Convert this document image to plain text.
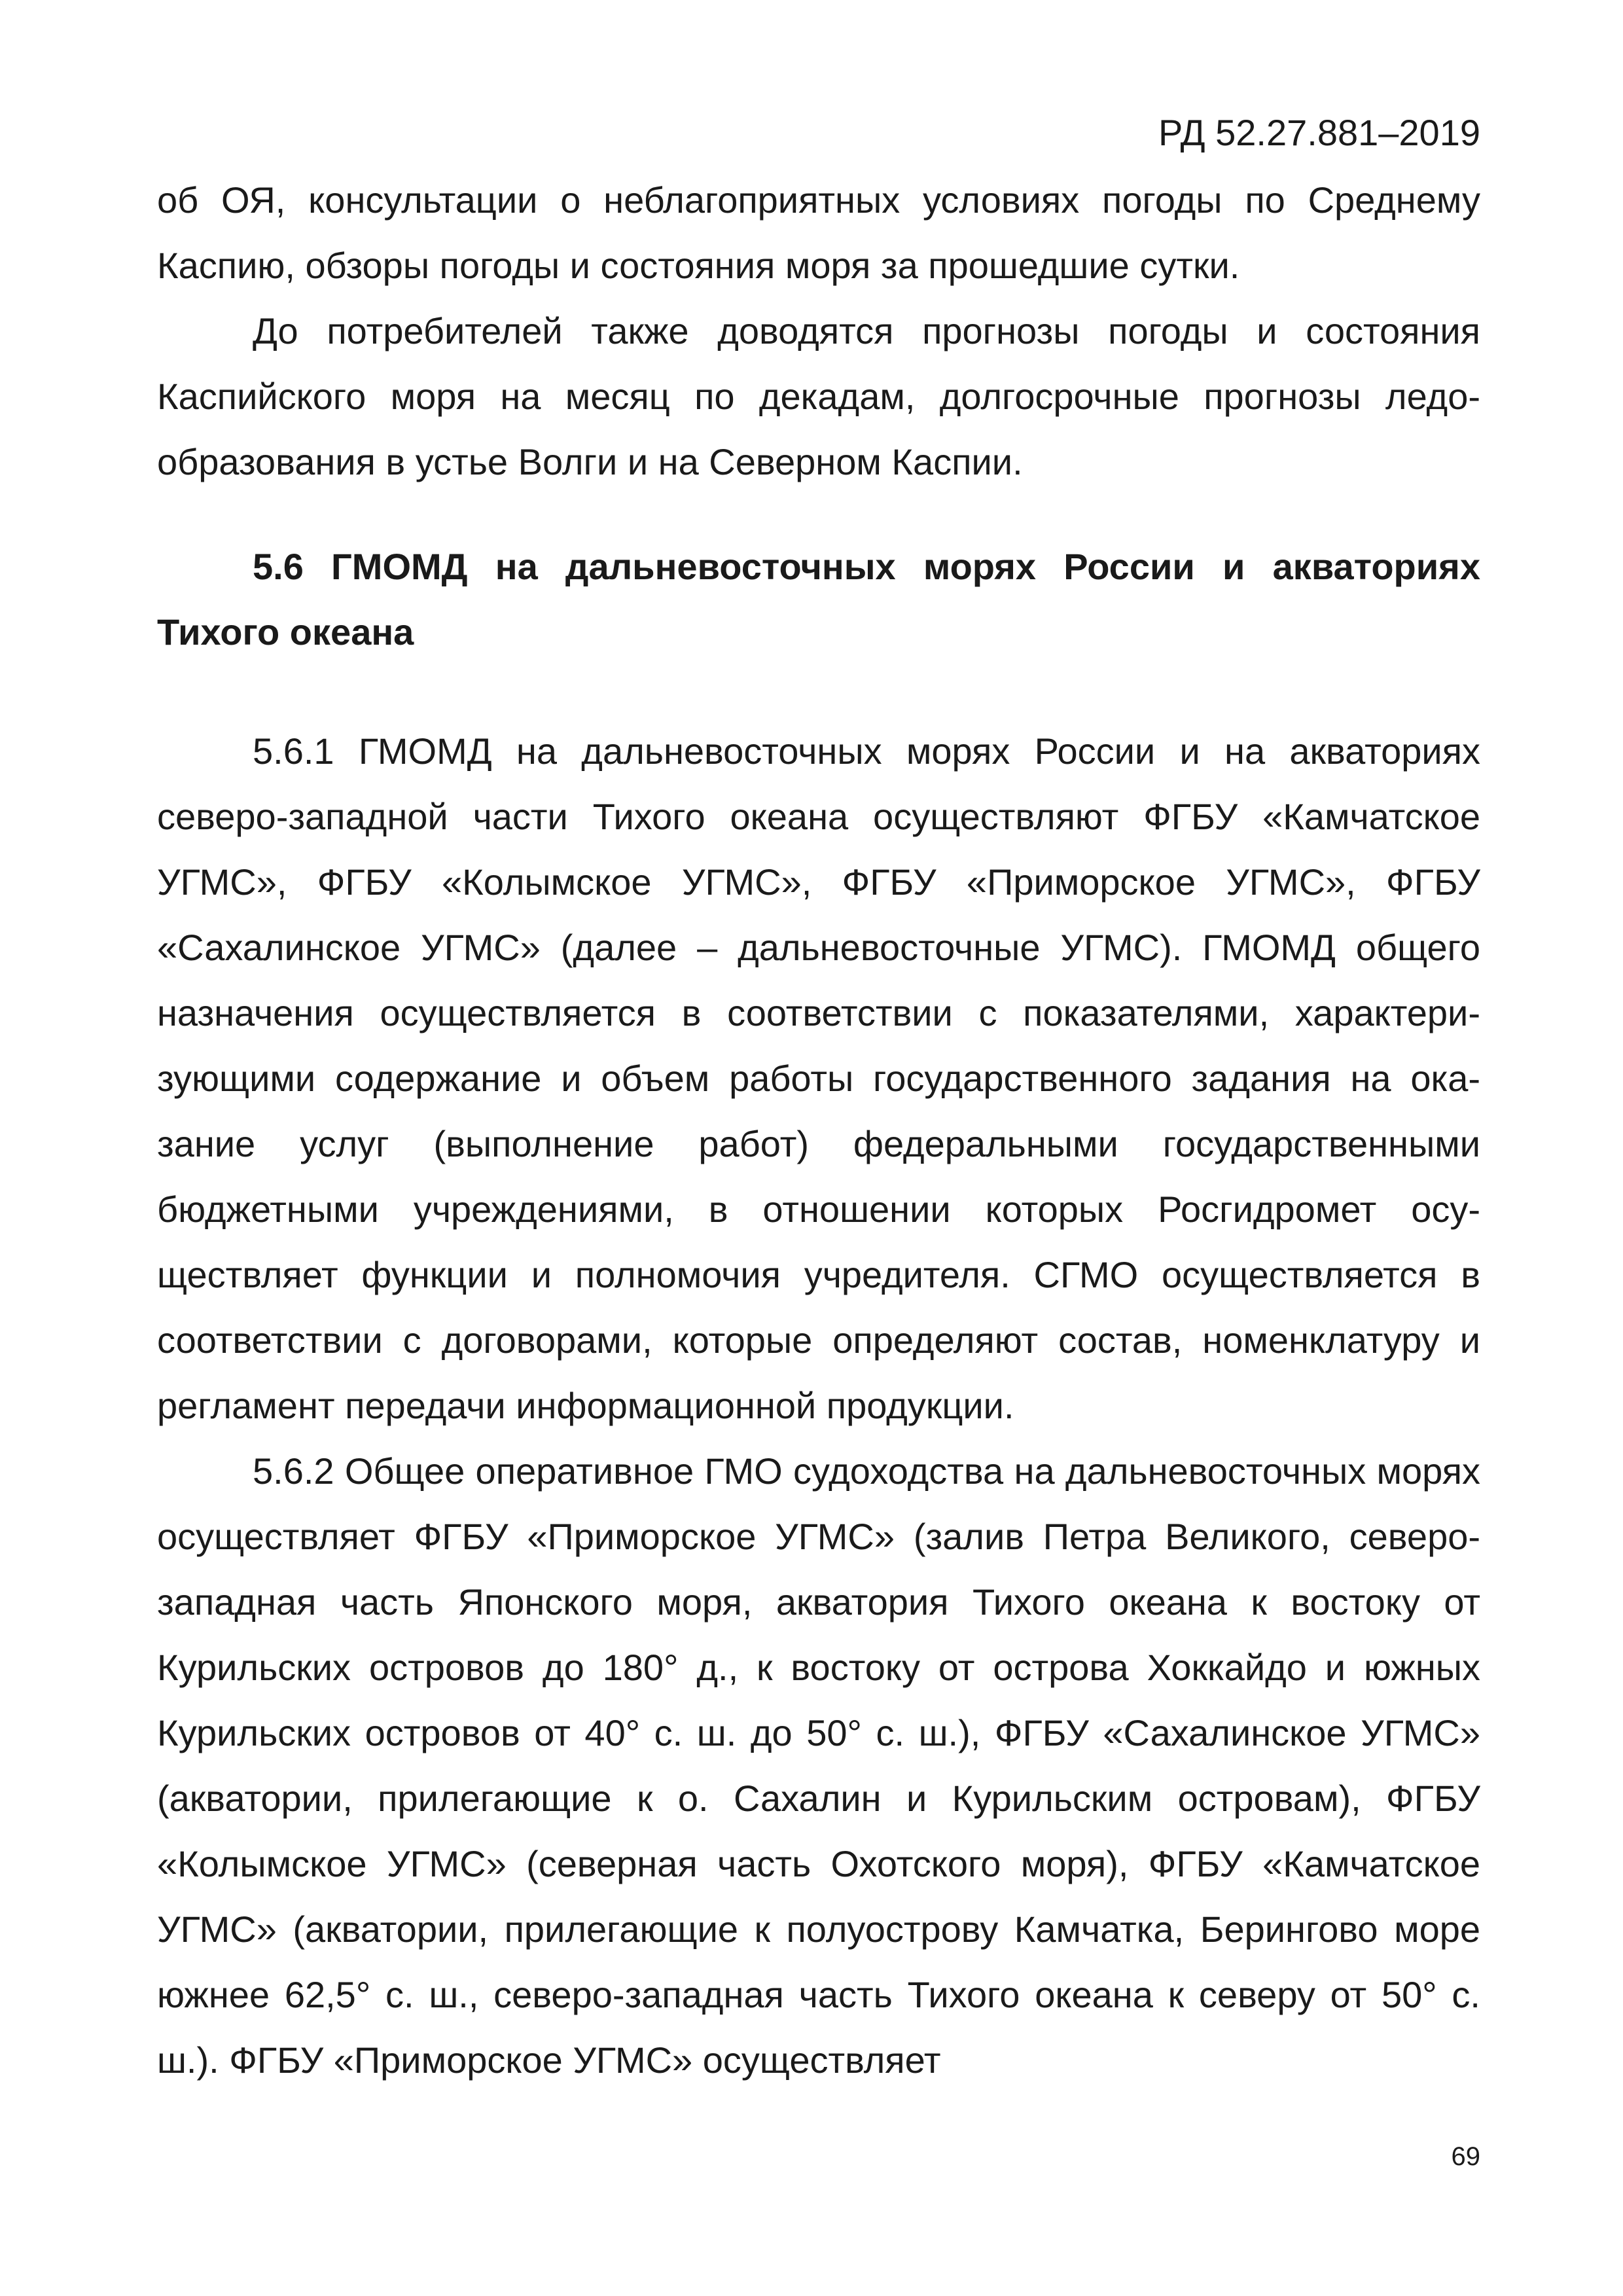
РД 52.27.881–2019

об ОЯ, консультации о неблагоприятных условиях погоды по Среднему Каспию, обзоры погоды и состояния моря за прошедшие сутки.

До потребителей также доводятся прогнозы погоды и состояния Каспийского моря на месяц по декадам, долгосрочные прогнозы ледообразования в устье Волги и на Северном Каспии.

5.6 ГМОМД на дальневосточных морях России и акваториях Тихого океана

5.6.1 ГМОМД на дальневосточных морях России и на акваториях северо-западной части Тихого океана осуществляют ФГБУ «Камчатское УГМС», ФГБУ «Колымское УГМС», ФГБУ «Приморское УГМС», ФГБУ «Сахалинское УГМС» (далее – дальневосточные УГМС). ГМОМД общего назначения осуществляется в соответствии с показателями, характеризующими содержание и объем работы государственного задания на оказание услуг (выполнение работ) федеральными государственными бюджетными учреждениями, в отношении которых Росгидромет осуществляет функции и полномочия учредителя. СГМО осуществляется в соответствии с договорами, которые определяют состав, номенклатуру и регламент передачи информационной продукции.

5.6.2 Общее оперативное ГМО судоходства на дальневосточных морях осуществляет ФГБУ «Приморское УГМС» (залив Петра Великого, северо-западная часть Японского моря, акватория Тихого океана к востоку от Курильских островов до 180° д., к востоку от острова Хоккайдо и южных Курильских островов от 40° с. ш. до 50° с. ш.), ФГБУ «Сахалинское УГМС» (акватории, прилегающие к о. Сахалин и Курильским островам), ФГБУ «Колымское УГМС» (северная часть Охотского моря), ФГБУ «Камчатское УГМС» (акватории, прилегающие к полуострову Камчатка, Берингово море южнее 62,5° с. ш., северо-западная часть Тихого океана к северу от 50° с. ш.). ФГБУ «Приморское УГМС» осуществляет

69
